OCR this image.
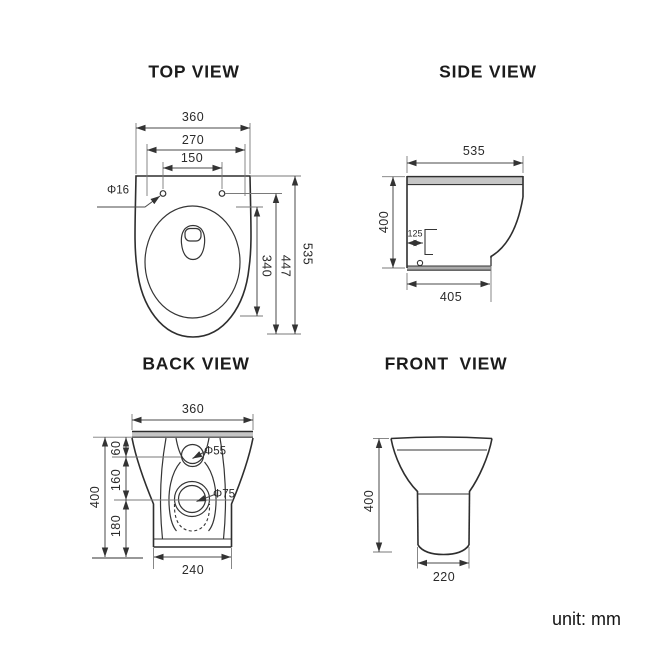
TOP VIEW	SIDE VIEW
BACK VIEW	FRONT VIEW
360
270
150
Φ16
340 447
535
535
400 125
405
360
400
60
160
180
Φ55
Φ75
240
400
220
unit: mm
